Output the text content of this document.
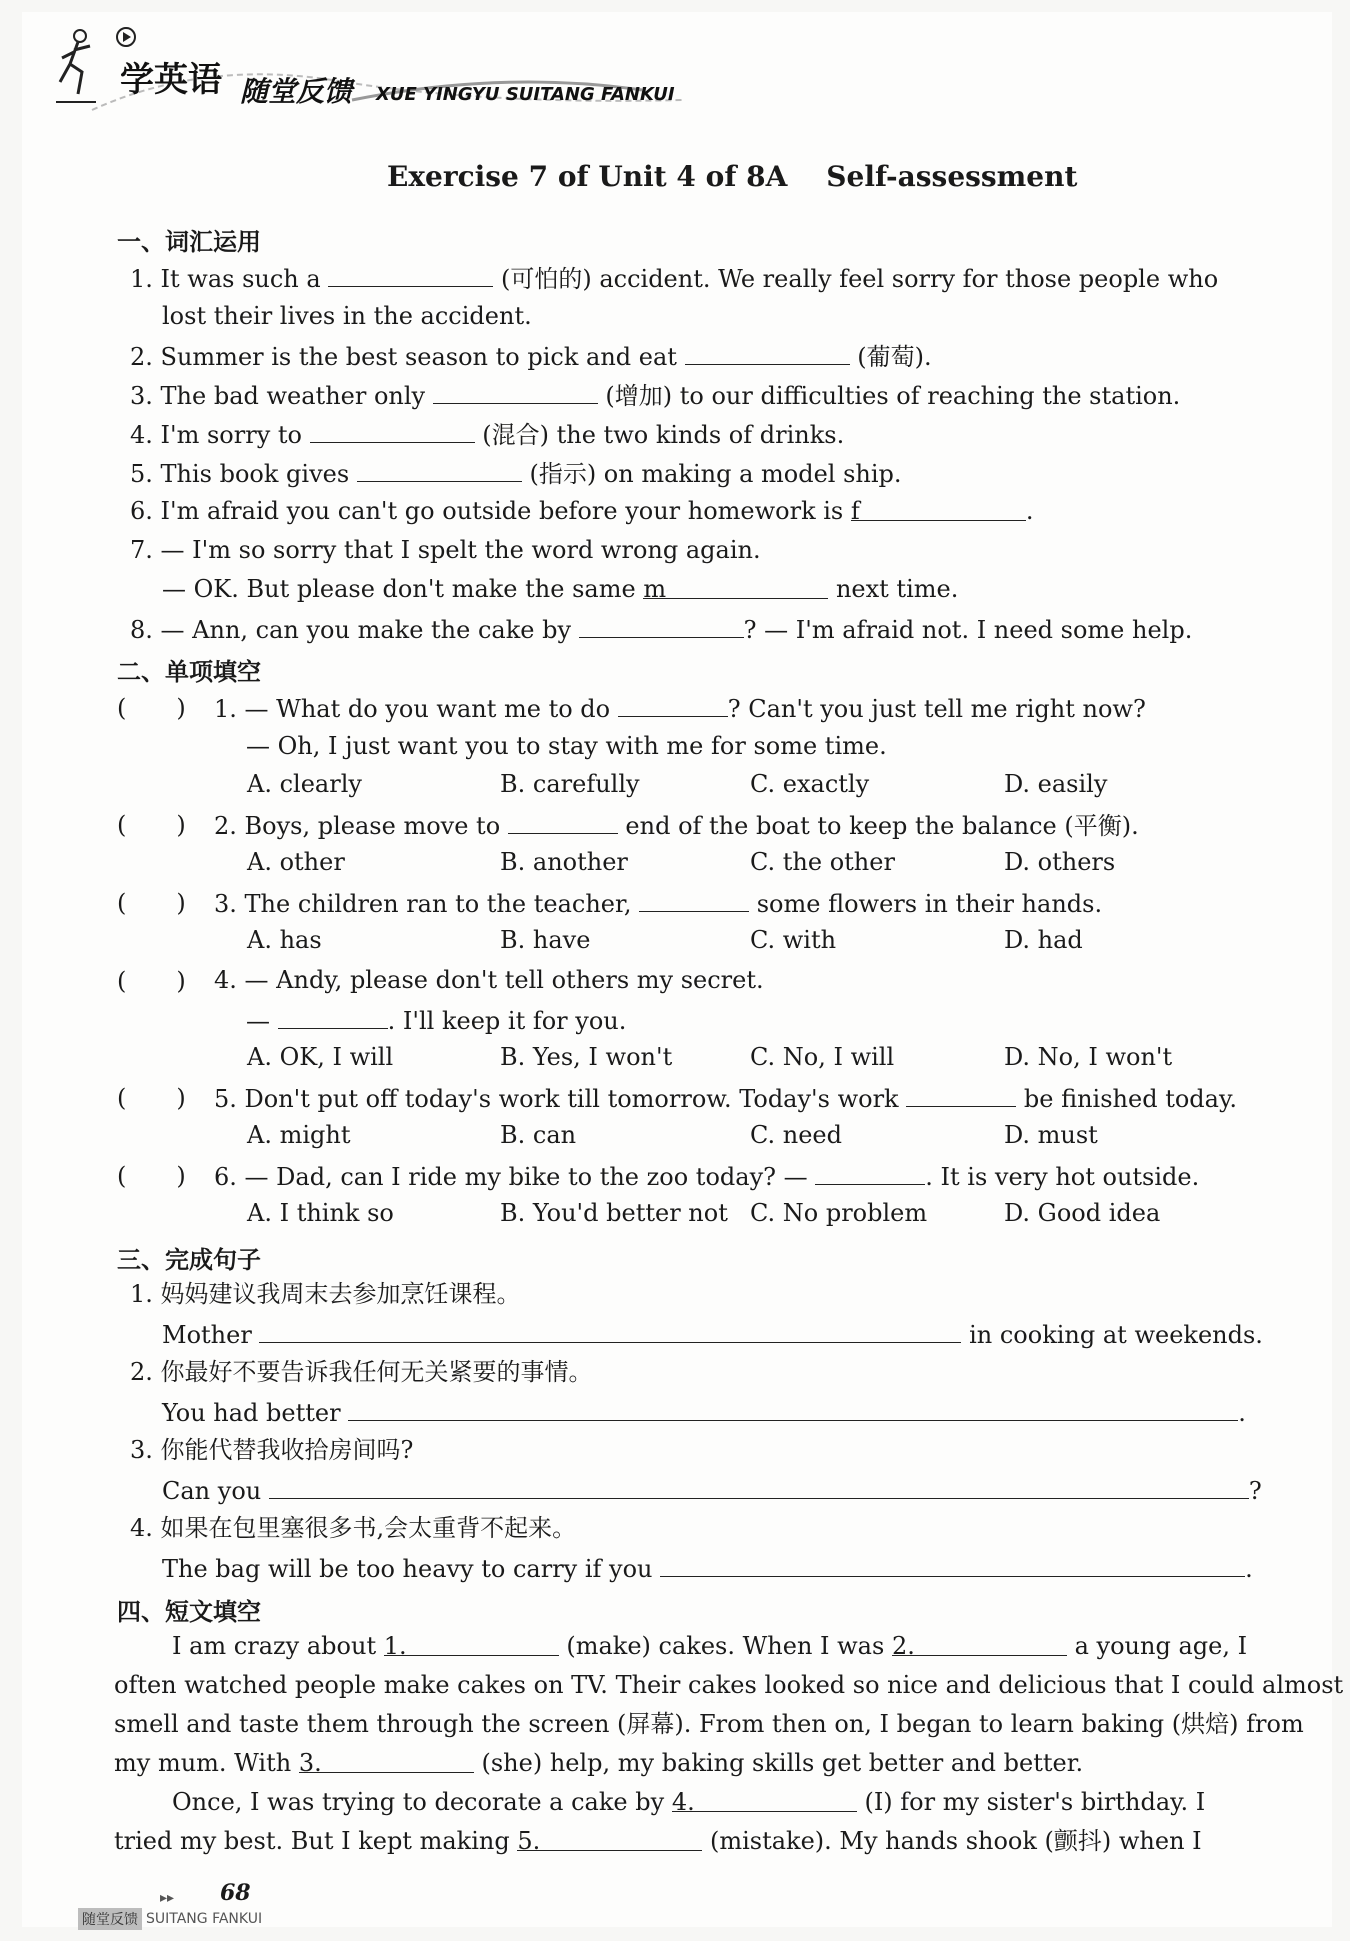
学英语 随堂反馈 XUE YINGYU SUITANG FANKUI
Exercise 7 of Unit 4 of 8A    Self-assessment
一、词汇运用
1. It was such a	(可怕的) accident. We really feel sorry for those people who
lost their lives in the accident.
2. Summer is the best season to pick and eat	(葡萄).
3. The bad weather only	(增加) to our difficulties of reaching the station.
4. I'm sorry to	(混合) the two kinds of drinks.
5. This book gives	(指示) on making a model ship.
6. I'm afraid you can't go outside before your homework is f	.
7. — I'm so sorry that I spelt the word wrong again.
— OK. But please don't make the same m	next time.
8. — Ann, can you make the cake by	? — I'm afraid not. I need some help.
二、单项填空
( ) 1. — What do you want me to do	? Can't you just tell me right now?
— Oh, I just want you to stay with me for some time.
A. clearly	B. carefully	C. exactly	D. easily
( ) 2. Boys, please move to	end of the boat to keep the balance (平衡).
A. other	B. another	C. the other	D. others
( ) 3. The children ran to the teacher,	some flowers in their hands.
A. has	B. have	C. with	D. had
( ) 4. — Andy, please don't tell others my secret.
—	. I'll keep it for you.
A. OK, I will	B. Yes, I won't	C. No, I will	D. No, I won't
( ) 5. Don't put off today's work till tomorrow. Today's work	be finished today.
A. might	B. can	C. need	D. must
( ) 6. — Dad, can I ride my bike to the zoo today? —	. It is very hot outside.
A. I think so	B. You'd better not C. No problem	D. Good idea
三、完成句子
1. 妈妈建议我周末去参加烹饪课程。
Mother	in cooking at weekends.
2. 你最好不要告诉我任何无关紧要的事情。
You had better	.
3. 你能代替我收拾房间吗?
Can you	?
4. 如果在包里塞很多书,会太重背不起来。
The bag will be too heavy to carry if you	.
四、短文填空
I am crazy about 1.	(make) cakes. When I was 2.	a young age, I
often watched people make cakes on TV. Their cakes looked so nice and delicious that I could almost
smell and taste them through the screen (屏幕). From then on, I began to learn baking (烘焙) from
my mum. With 3.	(she) help, my baking skills get better and better.
Once, I was trying to decorate a cake by 4.	(I) for my sister's birthday. I
tried my best. But I kept making 5.	(mistake). My hands shook (颤抖) when I
▸▸ 68
随堂反馈 SUITANG FANKUI
